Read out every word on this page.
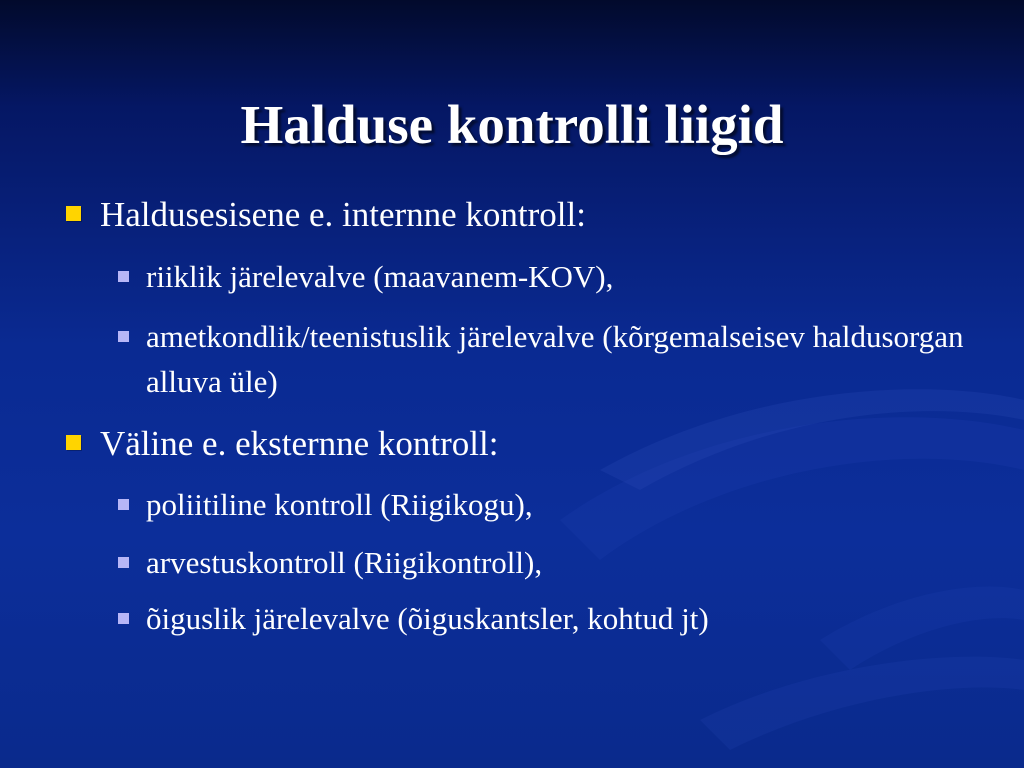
Halduse kontrolli liigid
Haldusesisene e. internne kontroll:
riiklik järelevalve (maavanem-KOV),
ametkondlik/teenistuslik järelevalve (kõrgemalseisev haldusorgan alluva üle)
Väline e. eksternne kontroll:
poliitiline kontroll (Riigikogu),
arvestuskontroll (Riigikontroll),
õiguslik järelevalve (õiguskantsler, kohtud jt)
